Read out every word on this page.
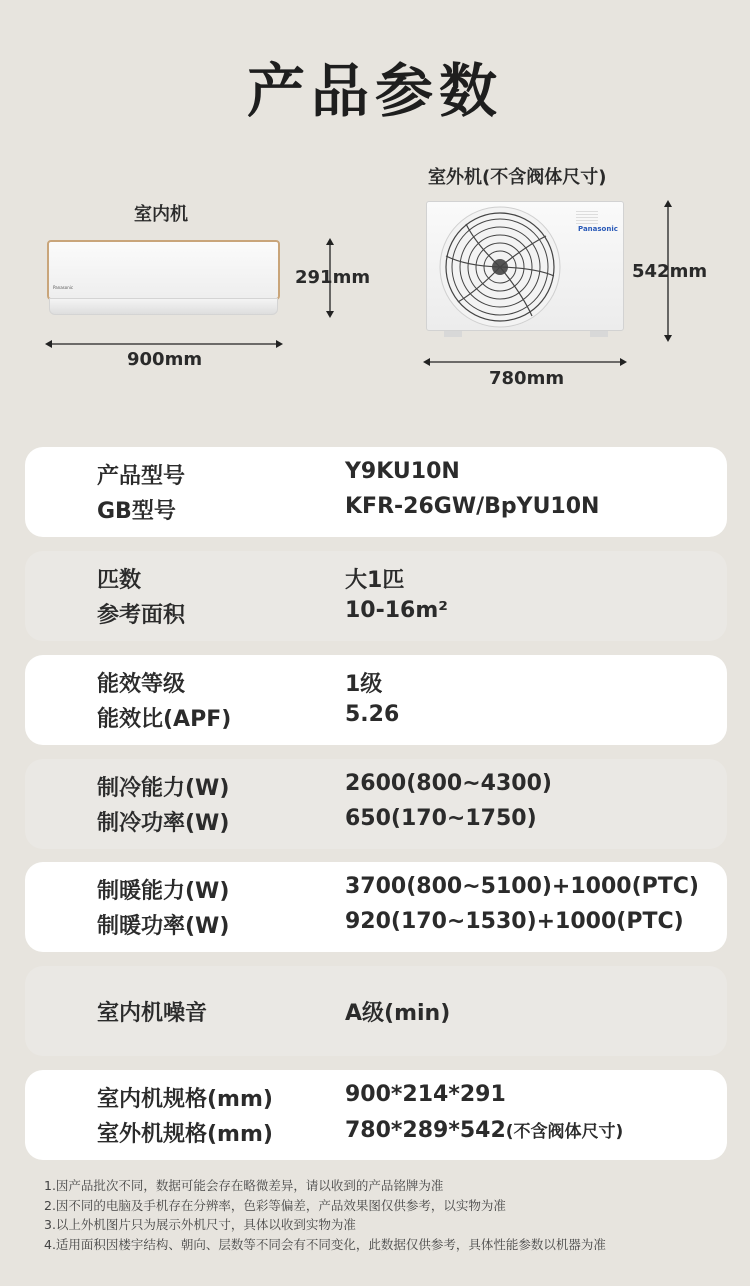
产品参数
室内机
Panasonic	291mm
900mm
室外机(不含阀体尺寸)
Panasonic
542mm
780mm
产品型号	Y9KU10N
GB型号	KFR-26GW/BpYU10N
匹数	大1匹
参考面积	10-16m²
能效等级	1级
能效比(APF)	5.26
制冷能力(W)	2600(800~4300)
制冷功率(W)	650(170~1750)
制暖能力(W)	3700(800~5100)+1000(PTC)
制暖功率(W)	920(170~1530)+1000(PTC)
室内机噪音	A级(min)
室内机规格(mm)	900*214*291
室外机规格(mm)	780*289*542(不含阀体尺寸)
1.因产品批次不同，数据可能会存在略微差异，请以收到的产品铭牌为准
2.因不同的电脑及手机存在分辨率，色彩等偏差，产品效果图仅供参考，以实物为准
3.以上外机图片只为展示外机尺寸，具体以收到实物为准
4.适用面积因楼宇结构、朝向、层数等不同会有不同变化，此数据仅供参考，具体性能参数以机器为准
